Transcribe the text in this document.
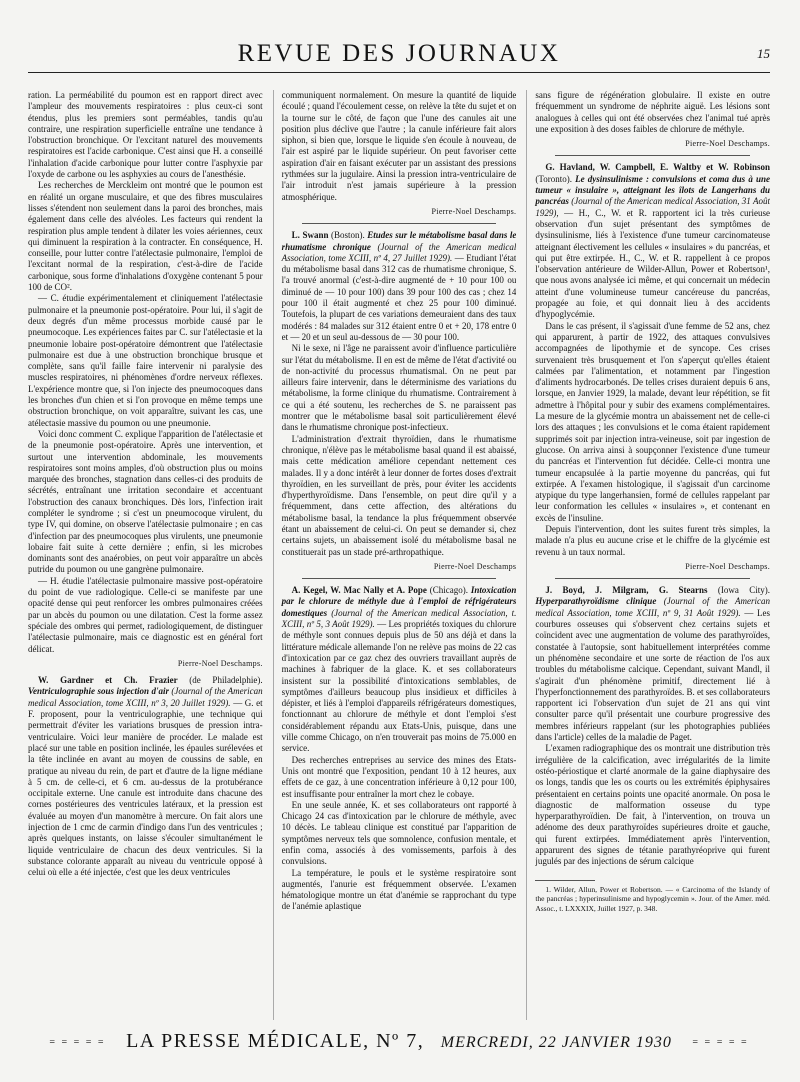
REVUE DES JOURNAUX	15

ration. La perméabilité du poumon est en rapport direct avec l'ampleur des mouvements respiratoires : plus ceux-ci sont étendus, plus les premiers sont perméables, tandis qu'au contraire, une respiration superficielle entraîne une tendance à l'obstruction bronchique. Or l'excitant naturel des mouvements respiratoires est l'acide carbonique. C'est ainsi que H. a conseillé l'inhalation d'acide carbonique pour lutter contre l'asphyxie par l'oxyde de carbone ou les asphyxies au cours de l'anesthésie.

Les recherches de Merckleim ont montré que le poumon est en réalité un organe musculaire, et que des fibres musculaires lisses s'étendent non seulement dans la paroi des bronches, mais également dans celle des alvéoles. Les facteurs qui rendent la respiration plus ample tendent à dilater les voies aériennes, ceux qui diminuent la respiration à la contracter. En conséquence, H. conseille, pour lutter contre l'atélectasie pulmonaire, l'emploi de l'excitant normal de la respiration, c'est-à-dire de l'acide carbonique, sous forme d'inhalations d'oxygène contenant 5 pour 100 de CO².

— C. étudie expérimentalement et cliniquement l'atélectasie pulmonaire et la pneumonie post-opératoire. Pour lui, il s'agit de deux degrés d'un même processus morbide causé par le pneumocoque. Les expériences faites par C. sur l'atélectasie et la pneumonie lobaire post-opératoire démontrent que l'atélectasie pulmonaire est due à une obstruction bronchique brusque et complète, sans qu'il faille faire intervenir ni paralysie des muscles respiratoires, ni phénomènes d'ordre nerveux réflexes. L'expérience montre que, si l'on injecte des pneumocoques dans les bronches d'un chien et si l'on provoque en même temps une obstruction bronchique, on voit apparaître, suivant les cas, une atélectasie massive du poumon ou une pneumonie.

Voici donc comment C. explique l'apparition de l'atélectasie et de la pneumonie post-opératoire. Après une intervention, et surtout une intervention abdominale, les mouvements respiratoires sont moins amples, d'où obstruction plus ou moins marquée des bronches, stagnation dans celles-ci des produits de sécrétés, entraînant une irritation secondaire et accentuant l'obstruction des canaux bronchiques. Dès lors, l'infection irait compléter le syndrome ; si c'est un pneumocoque virulent, du type IV, qui domine, on observe l'atélectasie pulmonaire ; en cas d'infection par des pneumocoques plus virulents, une pneumonie lobaire fait suite à cette dernière ; enfin, si les microbes dominants sont des anaérobies, on peut voir apparaître un abcès putride du poumon ou une gangrène pulmonaire.

— H. étudie l'atélectasie pulmonaire massive post-opératoire du point de vue radiologique. Celle-ci se manifeste par une opacité dense qui peut renforcer les ombres pulmonaires créées par un abcès du poumon ou une dilatation. C'est la forme assez spéciale des ombres qui permet, radiologiquement, de distinguer l'atélectasie pulmonaire, mais ce diagnostic est en général fort délicat.

Pierre-Noel Deschamps.

W. Gardner et Ch. Frazier (de Philadelphie). Ventriculographie sous injection d'air (Journal of the American medical Association, tome XCIII, nº 3, 20 Juillet 1929). — G. et F. proposent, pour la ventriculographie, une technique qui permettrait d'éviter les variations brusques de pression intra-ventriculaire. Voici leur manière de procéder. Le malade est placé sur une table en position inclinée, les épaules surélevées et la tête inclinée en avant au moyen de coussins de sable, en pratique au niveau du rein, de part et d'autre de la ligne médiane à 5 cm. de celle-ci, et 6 cm. au-dessus de la protubérance occipitale externe. Une canule est introduite dans chacune des cornes postérieures des ventricules latéraux, et la pression est évaluée au moyen d'un manomètre à mercure. On fait alors une injection de 1 cmc de carmin d'indigo dans l'un des ventricules ; après quelques instants, on laisse s'écouler simultanément le liquide ventriculaire de chacun des deux ventricules. Si la substance colorante apparaît au niveau du ventricule opposé à celui où elle a été injectée, c'est que les deux ventricules

communiquent normalement. On mesure la quantité de liquide écoulé ; quand l'écoulement cesse, on relève la tête du sujet et on la tourne sur le côté, de façon que l'une des canules ait une position plus déclive que l'autre ; la canule inférieure fait alors siphon, si bien que, lorsque le liquide s'en écoule à nouveau, de l'air est aspiré par le liquide supérieur. On peut favoriser cette aspiration d'air en faisant exécuter par un assistant des pressions rythmées sur la jugulaire. Ainsi la pression intra-ventriculaire de l'air introduit n'est jamais supérieure à la pression atmosphérique.

Pierre-Noel Deschamps.

L. Swann (Boston). Etudes sur le métabolisme basal dans le rhumatisme chronique (Journal of the American medical Association, tome XCIII, nº 4, 27 Juillet 1929). — Etudiant l'état du métabolisme basal dans 312 cas de rhumatisme chronique, S. l'a trouvé anormal (c'est-à-dire augmenté de + 10 pour 100 ou diminué de — 10 pour 100) dans 39 pour 100 des cas ; chez 14 pour 100 il était augmenté et chez 25 pour 100 diminué. Toutefois, la plupart de ces variations demeuraient dans des taux modérés : 84 malades sur 312 étaient entre 0 et + 20, 178 entre 0 et — 20 et un seul au-dessous de — 30 pour 100.

Ni le sexe, ni l'âge ne paraissent avoir d'influence particulière sur l'état du métabolisme. Il en est de même de l'état d'activité ou de non-activité du processus rhumatismal. On ne peut par ailleurs faire intervenir, dans le déterminisme des variations du métabolisme, la forme clinique du rhumatisme. Contrairement à ce qui a été soutenu, les recherches de S. ne paraissent pas montrer que le métabolisme basal soit particulièrement élevé dans le rhumatisme chronique post-infectieux.

L'administration d'extrait thyroïdien, dans le rhumatisme chronique, n'élève pas le métabolisme basal quand il est abaissé, mais cette médication améliore cependant nettement ces malades. Il y a donc intérêt à leur donner de fortes doses d'extrait thyroïdien, en les surveillant de près, pour éviter les accidents d'hyperthyroïdisme. Dans l'ensemble, on peut dire qu'il y a fréquemment, dans cette affection, des altérations du métabolisme basal, la tendance la plus fréquemment observée étant un abaissement de celui-ci. On peut se demander si, chez certains sujets, un abaissement isolé du métabolisme basal ne constituerait pas un stade pré-arthropathique.

Pierre-Noel Deschamps

A. Kegel, W. Mac Nally et A. Pope (Chicago). Intoxication par le chlorure de méthyle due à l'emploi de réfrigérateurs domestiques (Journal of the American medical Association, t. XCIII, nº 5, 3 Août 1929). — Les propriétés toxiques du chlorure de méthyle sont connues depuis plus de 50 ans déjà et dans la littérature médicale allemande l'on ne relève pas moins de 22 cas d'intoxication par ce gaz chez des ouvriers travaillant auprès de machines à fabriquer de la glace. K. et ses collaborateurs insistent sur la possibilité d'intoxications semblables, de symptômes d'ailleurs beaucoup plus insidieux et difficiles à dépister, et liés à l'emploi d'appareils réfrigérateurs domestiques, fonctionnant au chlorure de méthyle et dont l'emploi s'est considérablement répandu aux Etats-Unis, puisque, dans une ville comme Chicago, on n'en trouverait pas moins de 75.000 en service.

Des recherches entreprises au service des mines des Etats-Unis ont montré que l'exposition, pendant 10 à 12 heures, aux effets de ce gaz, à une concentration inférieure à 0,12 pour 100, est insuffisante pour entraîner la mort chez le cobaye.

En une seule année, K. et ses collaborateurs ont rapporté à Chicago 24 cas d'intoxication par le chlorure de méthyle, avec 10 décès. Le tableau clinique est constitué par l'apparition de symptômes nerveux tels que somnolence, confusion mentale, et enfin coma, associés à des vomissements, parfois à des convulsions.

La température, le pouls et le système respiratoire sont augmentés, l'anurie est fréquemment observée. L'examen hématologique montre un état d'anémie se rapprochant du type de l'anémie aplastique

sans figure de régénération globulaire. Il existe en outre fréquemment un syndrome de néphrite aiguë. Les lésions sont analogues à celles qui ont été observées chez l'animal tué après une exposition à des doses faibles de chlorure de méthyle.

Pierre-Noel Deschamps.

G. Havland, W. Campbell, E. Waltby et W. Robinson (Toronto). Le dysinsulinisme : convulsions et coma dus à une tumeur « insulaire », atteignant les îlots de Langerhans du pancréas (Journal of the American medical Association, 31 Août 1929), — H., C., W. et R. rapportent ici la très curieuse observation d'un sujet présentant des symptômes de dysinsulinisme, liés à l'existence d'une tumeur carcinomateuse atteignant électivement les cellules « insulaires » du pancréas, et qui put être extirpée. H., C., W. et R. rappellent à ce propos l'observation antérieure de Wilder-Allun, Power et Robertson¹, que nous avons analysée ici même, et qui concernait un médecin atteint d'une volumineuse tumeur cancéreuse du pancréas, propagée au foie, et qui donnait lieu à des accidents d'hypoglycémie.

Dans le cas présent, il s'agissait d'une femme de 52 ans, chez qui apparurent, à partir de 1922, des attaques convulsives accompagnées de lipothymie et de syncope. Ces crises survenaient très brusquement et l'on s'aperçut qu'elles étaient calmées par l'alimentation, et notamment par l'ingestion d'aliments hydrocarbonés. De telles crises duraient depuis 6 ans, lorsque, en Janvier 1929, la malade, devant leur répétition, se fit admettre à l'hôpital pour y subir des examens complémentaires. La mesure de la glycémie montra un abaissement net de celle-ci lors des attaques ; les convulsions et le coma étaient rapidement supprimés soit par injection intra-veineuse, soit par ingestion de glucose. On arriva ainsi à soupçonner l'existence d'une tumeur du pancréas et l'intervention fut décidée. Celle-ci montra une tumeur encapsulée à la partie moyenne du pancréas, qui fut extirpée. A l'examen histologique, il s'agissait d'un carcinome atypique du type langerhansien, formé de cellules rappelant par leur conformation les cellules « insulaires », et contenant en excès de l'insuline.

Depuis l'intervention, dont les suites furent très simples, la malade n'a plus eu aucune crise et le chiffre de la glycémie est revenu à un taux normal.

Pierre-Noel Deschamps.

J. Boyd, J. Milgram, G. Stearns (Iowa City). Hyperparathyroïdisme clinique (Journal of the American medical Association, tome XCIII, nº 9, 31 Août 1929). — Les courbures osseuses qui s'observent chez certains sujets et coïncident avec une augmentation de volume des parathyroïdes, constatée à l'autopsie, sont habituellement interprétées comme un phénomène secondaire et une sorte de réaction de l'os aux troubles du métabolisme calcique. Cependant, suivant Mandl, il s'agirait d'un phénomène primitif, directement lié à l'hyperfonctionnement des parathyroïdes. B. et ses collaborateurs rapportent ici l'observation d'un sujet de 21 ans qui vint consulter parce qu'il présentait une courbure progressive des membres inférieurs rappelant (sur les photographies publiées dans l'article) celles de la maladie de Paget.

L'examen radiographique des os montrait une distribution très irrégulière de la calcification, avec irrégularités de la limite ostéo-périostique et clarté anormale de la gaine diaphysaire des os longs, tandis que les os courts ou les extrémités épiphysaires présentaient en certains points une opacité anormale. On posa le diagnostic de malformation osseuse du type hyperparathyroïdien. De fait, à l'intervention, on trouva un adénome des deux parathyroïdes supérieures droite et gauche, qui furent extirpées. Immédiatement après l'intervention, apparurent des signes de tétanie parathyréoprive qui furent jugulés par des injections de sérum calcique

1. Wilder, Allun, Power et Robertson. — « Carcinoma of the Islandy of the pancréas ; hyperinsulinisme and hypoglycemin ». Jour. of the Amer. méd. Assoc., t. LXXXIX, Juillet 1927, p. 348.

= = = = = LA PRESSE MÉDICALE, Nº 7, MERCREDI, 22 JANVIER 1930 = = = = =
